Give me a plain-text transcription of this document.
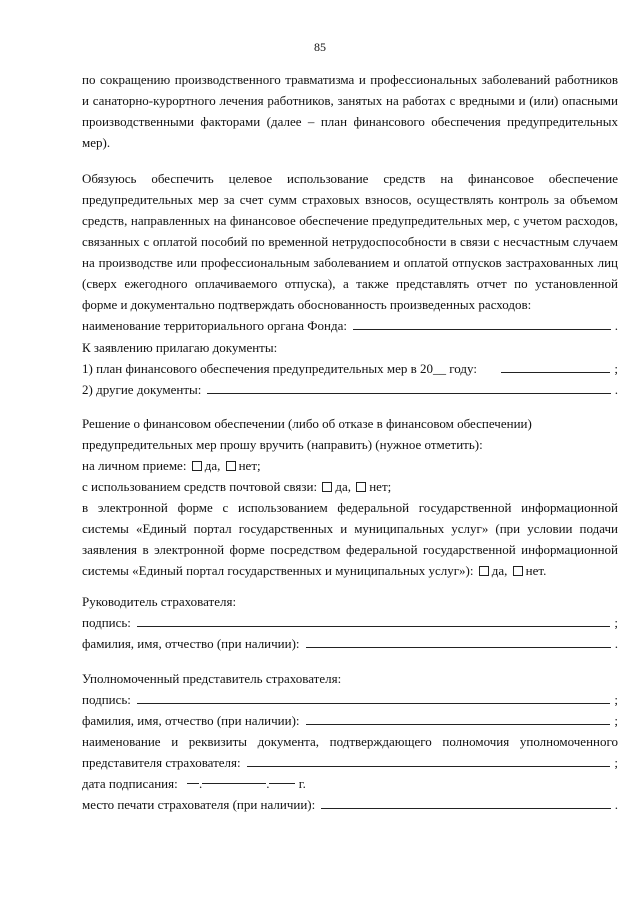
85
по сокращению производственного травматизма и профессиональных заболеваний работников
и санаторно-курортного лечения работников, занятых на работах с вредными и (или) опасными
производственными факторами (далее – план финансового обеспечения предупредительных
мер).
Обязуюсь обеспечить целевое использование средств на финансовое обеспечение
предупредительных мер за счет сумм страховых взносов, осуществлять контроль за объемом
средств, направленных на финансовое обеспечение предупредительных мер, с учетом расходов,
связанных с оплатой пособий по временной нетрудоспособности в связи с несчастным случаем
на производстве или профессиональным заболеванием и оплатой отпусков застрахованных лиц
(сверх ежегодного оплачиваемого отпуска), а также представлять отчет по установленной
форме и документально подтверждать обоснованность произведенных расходов:
наименование территориального органа Фонда:	.
К заявлению прилагаю документы:
1) план финансового обеспечения предупредительных мер в 20__ году:	;
2) другие документы:	.
Решение о финансовом обеспечении (либо об отказе в финансовом обеспечении)
предупредительных мер прошу вручить (направить) (нужное отметить):
на личном приеме: да, нет;
с использованием средств почтовой связи: да, нет;
в электронной форме с использованием федеральной государственной информационной
системы «Единый портал государственных и муниципальных услуг» (при условии подачи
заявления в электронной форме посредством федеральной государственной информационной
системы «Единый портал государственных и муниципальных услуг»): да, нет.
Руководитель страхователя:
подпись:	;
фамилия, имя, отчество (при наличии):	.
Уполномоченный представитель страхователя:
подпись:	;
фамилия, имя, отчество (при наличии):	;
наименование и реквизиты документа, подтверждающего полномочия уполномоченного
представителя страхователя:	;
дата подписания: .	. г.
место печати страхователя (при наличии):	.
